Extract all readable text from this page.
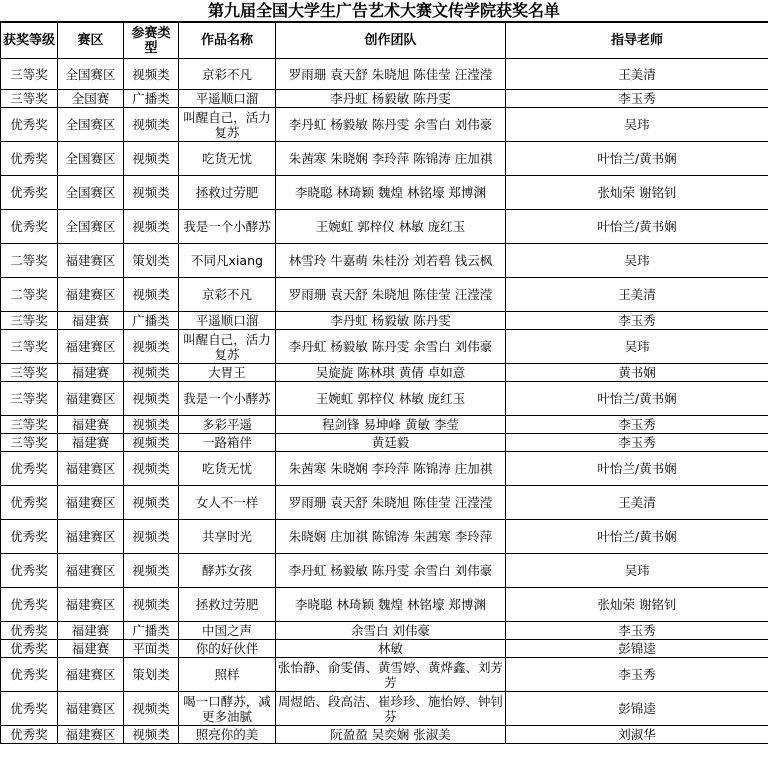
第九届全国大学生广告艺术大赛文传学院获奖名单
获奖等级	赛区	参赛类型	作品名称	创作团队	指导老师
三等奖	全国赛区	视频类	京彩不凡	罗雨珊 袁天舒 朱晓旭 陈佳莹 汪滢滢	王美清
三等奖	全国赛	广播类	平遥顺口溜	李丹虹 杨毅敏 陈丹雯	李玉秀
优秀奖	全国赛区	视频类	叫醒自己，活力复苏	李丹虹 杨毅敏 陈丹雯 余雪白 刘伟豪	吴玮
优秀奖	全国赛区	视频类	吃货无忧	朱茜寒 朱晓娴 李玲萍 陈锦涛 庄加祺	叶怡兰/黄书娴
优秀奖	全国赛区	视频类	拯救过劳肥	李晓聪 林琦颖 魏煌 林铭壕 郑博渊	张灿荣 谢铭钊
优秀奖	全国赛区	视频类	我是一个小酵苏	王婉虹 郭梓仪 林敏 庞红玉	叶怡兰/黄书娴
二等奖	福建赛区	策划类	不同凡xiang	林雪玲 牛嘉萌 朱桂汾 刘若碧 钱云枫	吴玮
二等奖	福建赛区	视频类	京彩不凡	罗雨珊 袁天舒 朱晓旭 陈佳莹 汪滢滢	王美清
三等奖	福建赛	广播类	平遥顺口溜	李丹虹 杨毅敏 陈丹雯	李玉秀
三等奖	福建赛区	视频类	叫醒自己，活力复苏	李丹虹 杨毅敏 陈丹雯 余雪白 刘伟豪	吴玮
三等奖	福建赛	视频类	大胃王	吴旋旋 陈林琪 黄倩 卓如意	黄书娴
三等奖	福建赛区	视频类	我是一个小酵苏	王婉虹 郭梓仪 林敏 庞红玉	叶怡兰/黄书娴
三等奖	福建赛	视频类	多彩平遥	程剑锋 易坤峰 黄敏 李莹	李玉秀
三等奖	福建赛	视频类	一路箱伴	黄廷毅	李玉秀
优秀奖	福建赛区	视频类	吃货无忧	朱茜寒 朱晓娴 李玲萍 陈锦涛 庄加祺	叶怡兰/黄书娴
优秀奖	福建赛区	视频类	女人不一样	罗雨珊 袁天舒 朱晓旭 陈佳莹 汪滢滢	王美清
优秀奖	福建赛区	视频类	共享时光	朱晓娴 庄加祺 陈锦涛 朱茜寒 李玲萍	叶怡兰/黄书娴
优秀奖	福建赛区	视频类	酵苏女孩	李丹虹 杨毅敏 陈丹雯 余雪白 刘伟豪	吴玮
优秀奖	福建赛区	视频类	拯救过劳肥	李晓聪 林琦颖 魏煌 林铭壕 郑博渊	张灿荣 谢铭钊
优秀奖	福建赛	广播类	中国之声	余雪白 刘伟豪	李玉秀
优秀奖	福建赛	平面类	你的好伙伴	林敏	彭锦逵
优秀奖	福建赛区	策划类	照样	张怡静、俞雯倩、黄雪婷、黄烨鑫、刘芳芳	李玉秀
优秀奖	福建赛区	视频类	喝一口酵苏，减更多油腻	周煜皓、段高洁、崔珍珍、施怡婷、钟钊芬	彭锦逵
优秀奖	福建赛区	视频类	照亮你的美	阮盈盈 吴奕娴 张淑美	刘淑华
